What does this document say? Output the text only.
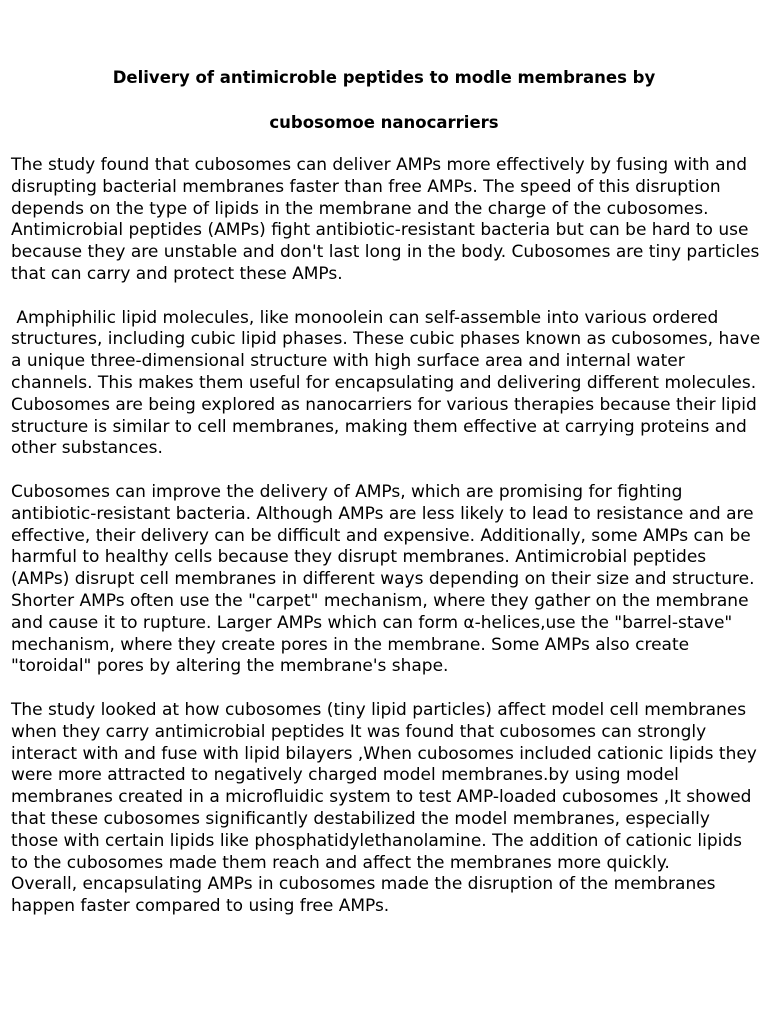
Delivery of antimicroble peptides to modle membranes by
cubosomoe nanocarriers

The study found that cubosomes can deliver AMPs more effectively by fusing with and disrupting bacterial membranes faster than free AMPs. The speed of this disruption depends on the type of lipids in the membrane and the charge of the cubosomes. Antimicrobial peptides (AMPs) fight antibiotic-resistant bacteria but can be hard to use because they are unstable and don't last long in the body. Cubosomes are tiny particles that can carry and protect these AMPs.

Amphiphilic lipid molecules, like monoolein can self-assemble into various ordered structures, including cubic lipid phases. These cubic phases known as cubosomes, have a unique three-dimensional structure with high surface area and internal water channels. This makes them useful for encapsulating and delivering different molecules. Cubosomes are being explored as nanocarriers for various therapies because their lipid structure is similar to cell membranes, making them effective at carrying proteins and other substances.

Cubosomes can improve the delivery of AMPs, which are promising for fighting antibiotic-resistant bacteria. Although AMPs are less likely to lead to resistance and are effective, their delivery can be difficult and expensive. Additionally, some AMPs can be harmful to healthy cells because they disrupt membranes. Antimicrobial peptides (AMPs) disrupt cell membranes in different ways depending on their size and structure. Shorter AMPs often use the "carpet" mechanism, where they gather on the membrane and cause it to rupture. Larger AMPs which can form α-helices,use the "barrel-stave" mechanism, where they create pores in the membrane. Some AMPs also create "toroidal" pores by altering the membrane's shape.

The study looked at how cubosomes (tiny lipid particles) affect model cell membranes when they carry antimicrobial peptides It was found that cubosomes can strongly interact with and fuse with lipid bilayers ,When cubosomes included cationic lipids they were more attracted to negatively charged model membranes.by using model membranes created in a microfluidic system to test AMP-loaded cubosomes ,It showed that these cubosomes significantly destabilized the model membranes, especially those with certain lipids like phosphatidylethanolamine. The addition of cationic lipids to the cubosomes made them reach and affect the membranes more quickly.

Overall, encapsulating AMPs in cubosomes made the disruption of the membranes happen faster compared to using free AMPs.
